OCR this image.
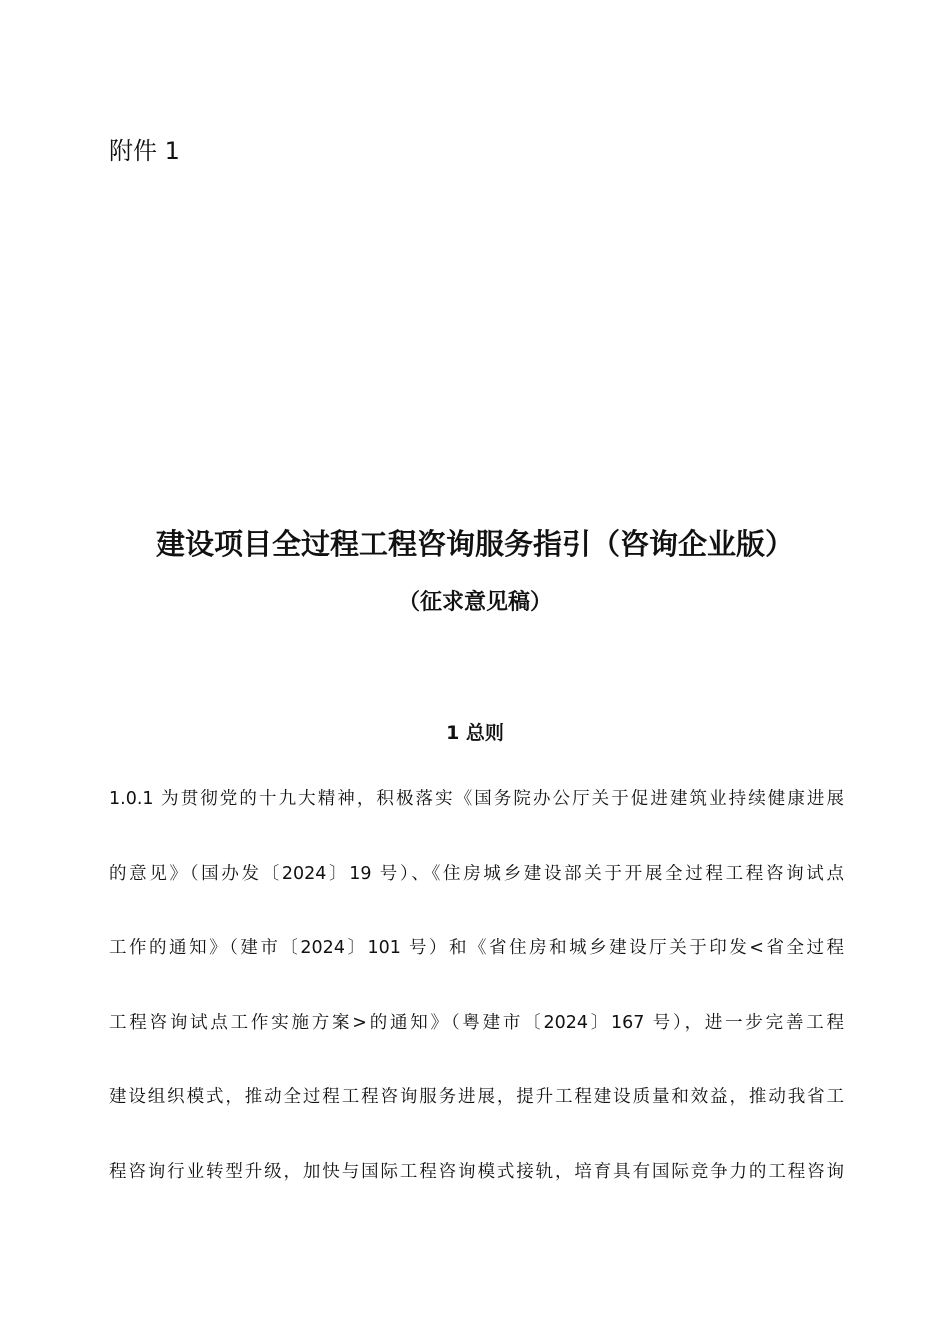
附件 1
建设项目全过程工程咨询服务指引（咨询企业版）
（征求意见稿）
1 总则
1.0.1 为贯彻党的十九大精神，积极落实《国务院办公厅关于促进建筑业持续健康进展
的意见》（国办发〔2024〕19 号）、《住房城乡建设部关于开展全过程工程咨询试点
工作的通知》（建市〔2024〕101 号）和《省住房和城乡建设厅关于印发<省全过程
工程咨询试点工作实施方案>的通知》（粤建市〔2024〕167 号），进一步完善工程
建设组织模式，推动全过程工程咨询服务进展，提升工程建设质量和效益，推动我省工
程咨询行业转型升级，加快与国际工程咨询模式接轨，培育具有国际竞争力的工程咨询
